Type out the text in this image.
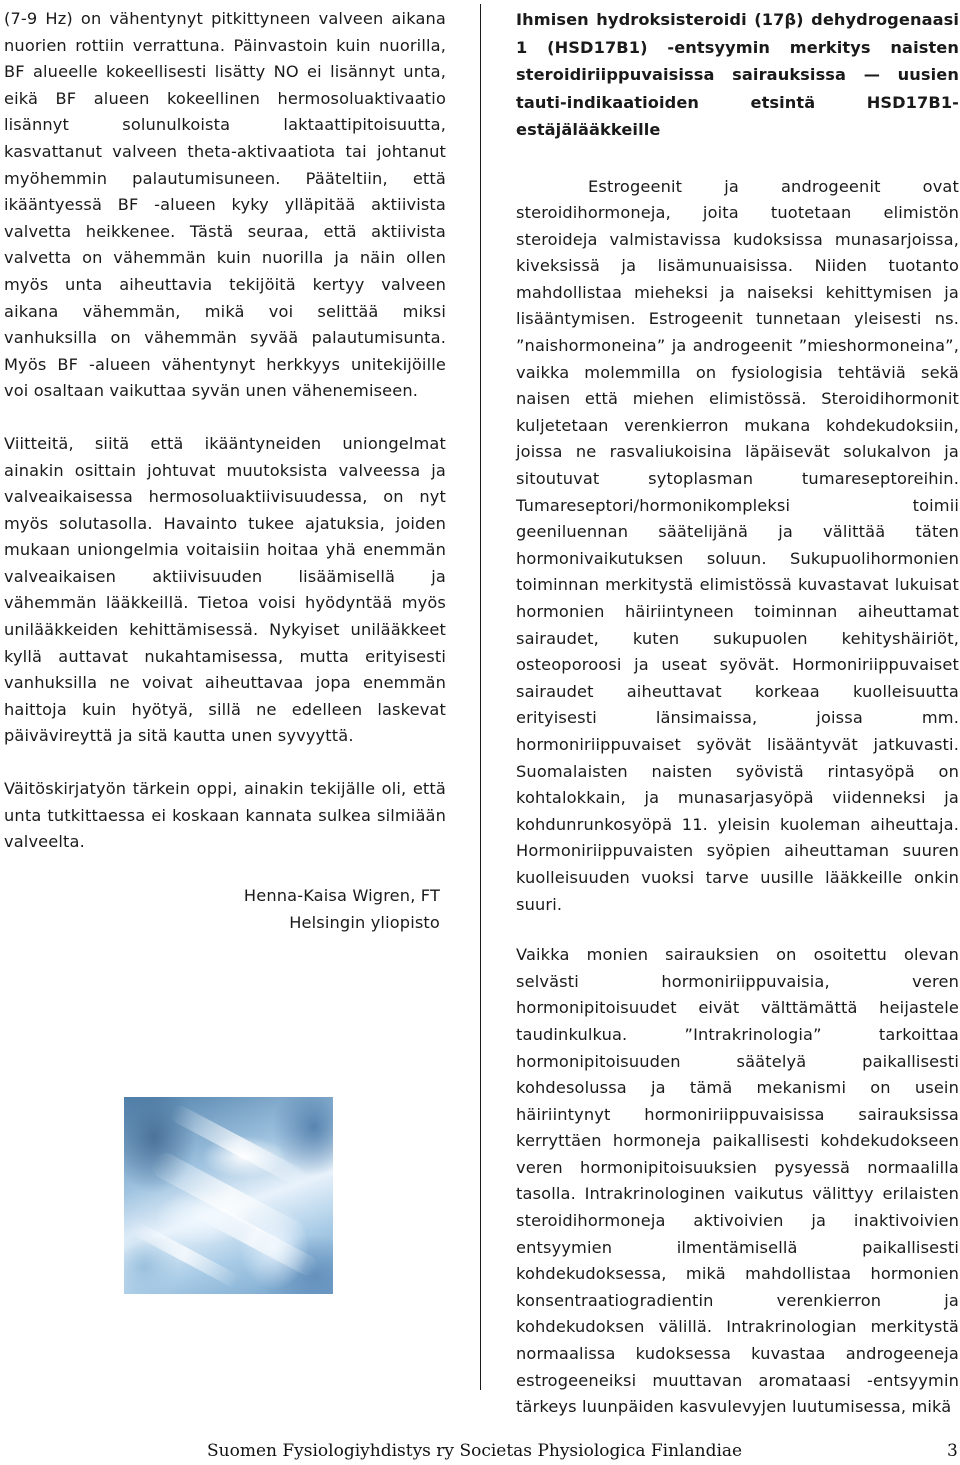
(7-9 Hz) on vähentynyt pitkittyneen valveen aikana nuorien rottiin verrattuna. Päinvastoin kuin nuorilla, BF alueelle kokeellisesti lisätty NO ei lisännyt unta, eikä BF alueen kokeellinen hermosoluaktivaatio lisännyt solunulkoista laktaattipitoisuutta, kasvattanut valveen theta-aktivaatiota tai johtanut myöhemmin palautumisuneen. Pääteltiin, että ikääntyessä BF -alueen kyky ylläpitää aktiivista valvetta heikkenee. Tästä seuraa, että aktiivista valvetta on vähemmän kuin nuorilla ja näin ollen myös unta aiheuttavia tekijöitä kertyy valveen aikana vähemmän, mikä voi selittää miksi vanhuksilla on vähemmän syvää palautumisunta. Myös BF -alueen vähentynyt herkkyys unitekijöille voi osaltaan vaikuttaa syvän unen vähenemiseen.

Viitteitä, siitä että ikääntyneiden uniongelmat ainakin osittain johtuvat muutoksista valveessa ja valveaikaisessa hermosoluaktiivisuudessa, on nyt myös solutasolla. Havainto tukee ajatuksia, joiden mukaan uniongelmia voitaisiin hoitaa yhä enemmän valveaikaisen aktiivisuuden lisäämisellä ja vähemmän lääkkeillä. Tietoa voisi hyödyntää myös unilääkkeiden kehittämisessä. Nykyiset unilääkkeet kyllä auttavat nukahtamisessa, mutta erityisesti vanhuksilla ne voivat aiheuttavaa jopa enemmän haittoja kuin hyötyä, sillä ne edelleen laskevat päivävireyttä ja sitä kautta unen syvyyttä.

Väitöskirjatyön tärkein oppi, ainakin tekijälle oli, että unta tutkittaessa ei koskaan kannata sulkea silmiään valveelta.

Henna-Kaisa Wigren, FT
Helsingin yliopisto

Ihmisen hydroksisteroidi (17β) dehydrogenaasi 1 (HSD17B1) -entsyymin merkitys naisten steroidiriippuvaisissa sairauksissa — uusien tauti-indikaatioiden etsintä HSD17B1-estäjälääkkeille

Estrogeenit ja androgeenit ovat steroidihormoneja, joita tuotetaan elimistön steroideja valmistavissa kudoksissa munasarjoissa, kiveksissä ja lisämunuaisissa. Niiden tuotanto mahdollistaa mieheksi ja naiseksi kehittymisen ja lisääntymisen. Estrogeenit tunnetaan yleisesti ns. ”naishormoneina” ja androgeenit ”mieshormoneina”, vaikka molemmilla on fysiologisia tehtäviä sekä naisen että miehen elimistössä. Steroidihormonit kuljetetaan verenkierron mukana kohdekudoksiin, joissa ne rasvaliukoisina läpäisevät solukalvon ja sitoutuvat sytoplasman tumareseptoreihin. Tumareseptori/hormonikompleksi toimii geeniluennan säätelijänä ja välittää täten hormonivaikutuksen soluun. Sukupuolihormonien toiminnan merkitystä elimistössä kuvastavat lukuisat hormonien häiriintyneen toiminnan aiheuttamat sairaudet, kuten sukupuolen kehityshäiriöt, osteoporoosi ja useat syövät. Hormoniriippuvaiset sairaudet aiheuttavat korkeaa kuolleisuutta erityisesti länsimaissa, joissa mm. hormoniriippuvaiset syövät lisääntyvät jatkuvasti. Suomalaisten naisten syövistä rintasyöpä on kohtalokkain, ja munasarjasyöpä viidenneksi ja kohdunrunkosyöpä 11. yleisin kuoleman aiheuttaja. Hormoniriippuvaisten syöpien aiheuttaman suuren kuolleisuuden vuoksi tarve uusille lääkkeille onkin suuri.

Vaikka monien sairauksien on osoitettu olevan selvästi hormoniriippuvaisia, veren hormonipitoisuudet eivät välttämättä heijastele taudinkulkua. ”Intrakrinologia” tarkoittaa hormonipitoisuuden säätelyä paikallisesti kohdesolussa ja tämä mekanismi on usein häiriintynyt hormoniriippuvaisissa sairauksissa kerryttäen hormoneja paikallisesti kohdekudokseen veren hormonipitoisuuksien pysyessä normaalilla tasolla. Intrakrinologinen vaikutus välittyy erilaisten steroidihormoneja aktivoivien ja inaktivoivien entsyymien ilmentämisellä paikallisesti kohdekudoksessa, mikä mahdollistaa hormonien konsentraatiogradientin verenkierron ja kohdekudoksen välillä. Intrakrinologian merkitystä normaalissa kudoksessa kuvastaa androgeeneja estrogeeneiksi muuttavan aromataasi -entsyymin tärkeys luunpäiden kasvulevyjen luutumisessa, mikä

Suomen Fysiologiyhdistys ry Societas Physiologica Finlandiae	3
